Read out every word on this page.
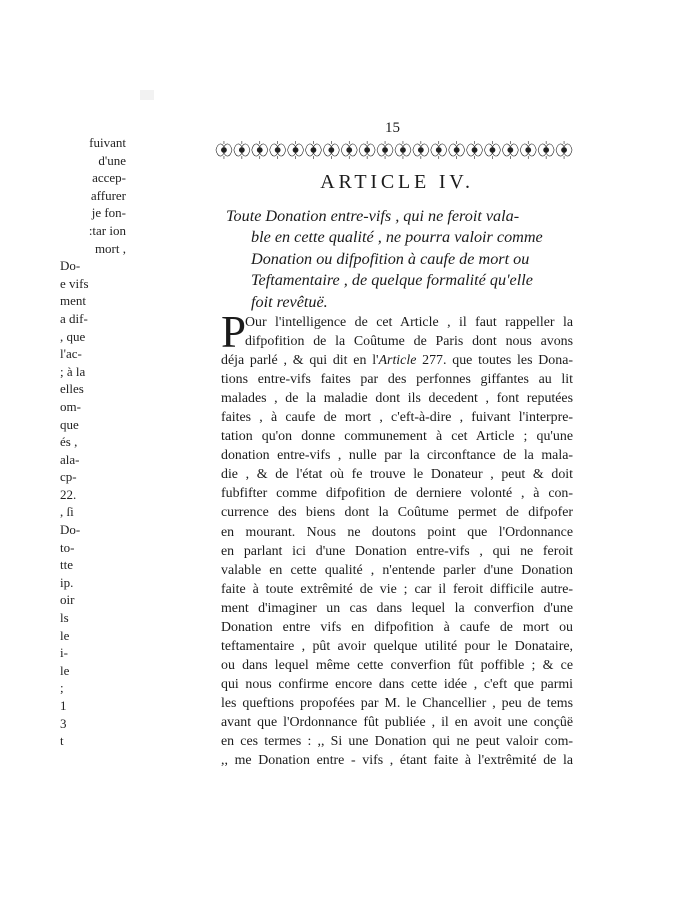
fuivant
d'une
accep-
affurer
je fon-
:tar ion
mort ,
Do-
e vifs
ment
a dif-
, que
l'ac-
; à la
elles
om-
que
és ,
ala-
cp-
22.
, ſi
Do-
to-
tte
ip.
oir
ls
le
i-
le
;
1
3
t
15
ARTICLE IV.
Toute Donation entre-vifs , qui ne feroit vala-
ble en cette qualité , ne pourra valoir comme
Donation ou difpofition à caufe de mort ou
Teftamentaire , de quelque formalité qu'elle
foit revêtuë.
P
Our l'intelligence de cet Article , il faut rappeller la
difpofition de la Coûtume de Paris dont nous avons
déja parlé , & qui dit en l'Article 277. que toutes les Dona-
tions entre-vifs faites par des perfonnes giffantes au lit
malades , de la maladie dont ils decedent , font reputées
faites , à caufe de mort , c'eft-à-dire , fuivant l'interpre-
tation qu'on donne communement à cet Article ; qu'une
donation entre-vifs , nulle par la circonftance de la mala-
die , & de l'état où fe trouve le Donateur , peut & doit
fubfifter comme difpofition de derniere volonté , à con-
currence des biens dont la Coûtume permet de difpofer
en mourant. Nous ne doutons point que l'Ordonnance
en parlant ici d'une Donation entre-vifs , qui ne feroit
valable en cette qualité , n'entende parler d'une Donation
faite à toute extrêmité de vie ; car il feroit difficile autre-
ment d'imaginer un cas dans lequel la converfion d'une
Donation entre vifs en difpofition à caufe de mort ou
teftamentaire , pût avoir quelque utilité pour le Donataire,
ou dans lequel même cette converfion fût poffible ; & ce
qui nous confirme encore dans cette idée , c'eft que parmi
les queftions propofées par M. le Chancellier , peu de tems
avant que l'Ordonnance fût publiée , il en avoit une conçûë
en ces termes : ,, Si une Donation qui ne peut valoir com-
,, me Donation entre - vifs , étant faite à l'extrêmité de la
